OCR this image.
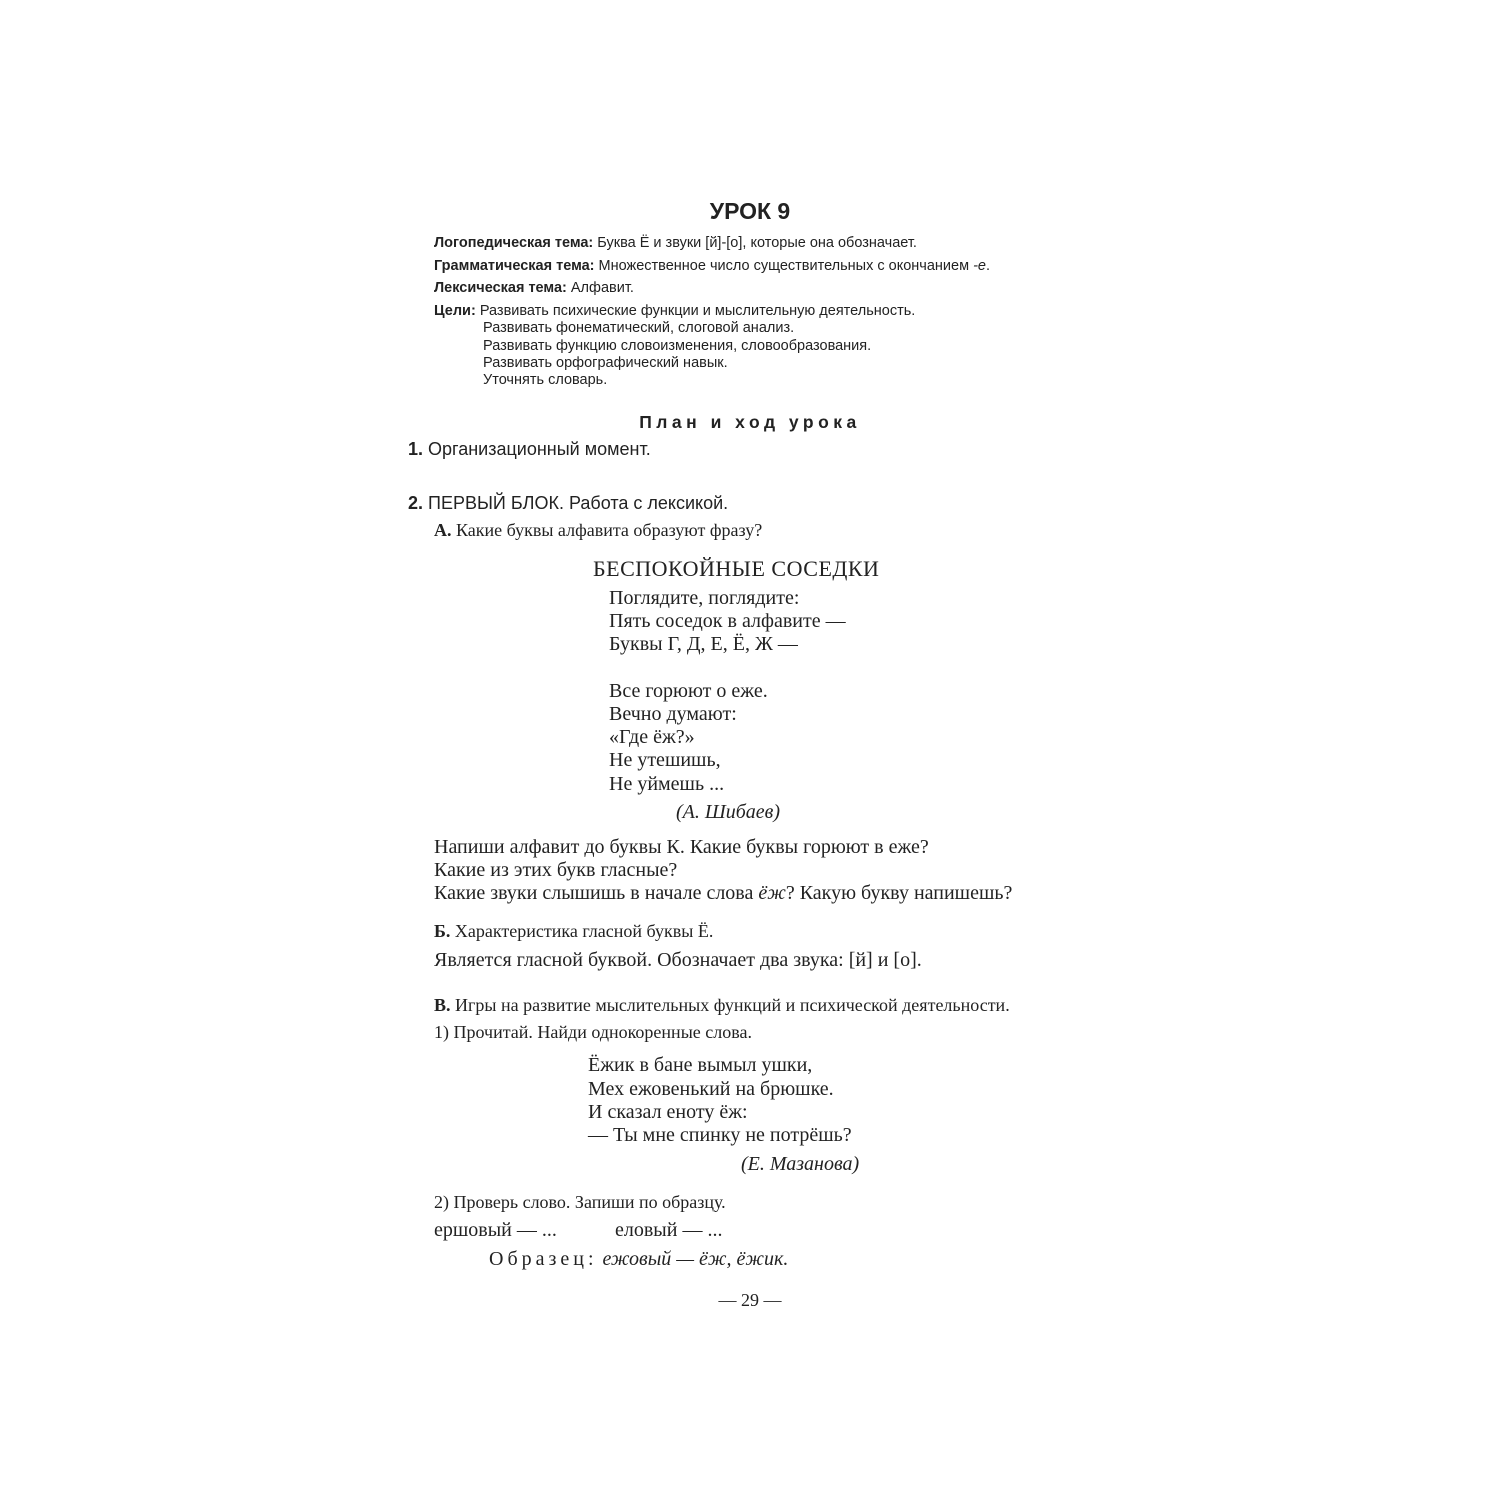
УРОК 9
Логопедическая тема: Буква Ё и звуки [й]-[о], которые она обозначает.
Грамматическая тема: Множественное число существительных с окончанием -е.
Лексическая тема: Алфавит.
Цели: Развивать психические функции и мыслительную деятельность.
Развивать фонематический, слоговой анализ.
Развивать функцию словоизменения, словообразования.
Развивать орфографический навык.
Уточнять словарь.
План и ход урока
1. Организационный момент.
2. ПЕРВЫЙ БЛОК. Работа с лексикой.
А. Какие буквы алфавита образуют фразу?
БЕСПОКОЙНЫЕ СОСЕДКИ
Поглядите, поглядите:
Пять соседок в алфавите —
Буквы Г, Д, Е, Ё, Ж —
Все горюют о еже.
Вечно думают:
«Где ёж?»
Не утешишь,
Не уймешь ...
(А. Шибаев)
Напиши алфавит до буквы К. Какие буквы горюют в еже?
Какие из этих букв гласные?
Какие звуки слышишь в начале слова ёж? Какую букву напишешь?
Б. Характеристика гласной буквы Ё.
Является гласной буквой. Обозначает два звука: [й] и [о].
В. Игры на развитие мыслительных функций и психической деятельности.
1) Прочитай. Найди однокоренные слова.
Ёжик в бане вымыл ушки,
Мех ежовенький на брюшке.
И сказал еноту ёж:
— Ты мне спинку не потрёшь?
(Е. Мазанова)
2) Проверь слово. Запиши по образцу.
ершовый — ...	еловый — ...
Образец: ежовый — ёж, ёжик.
— 29 —
